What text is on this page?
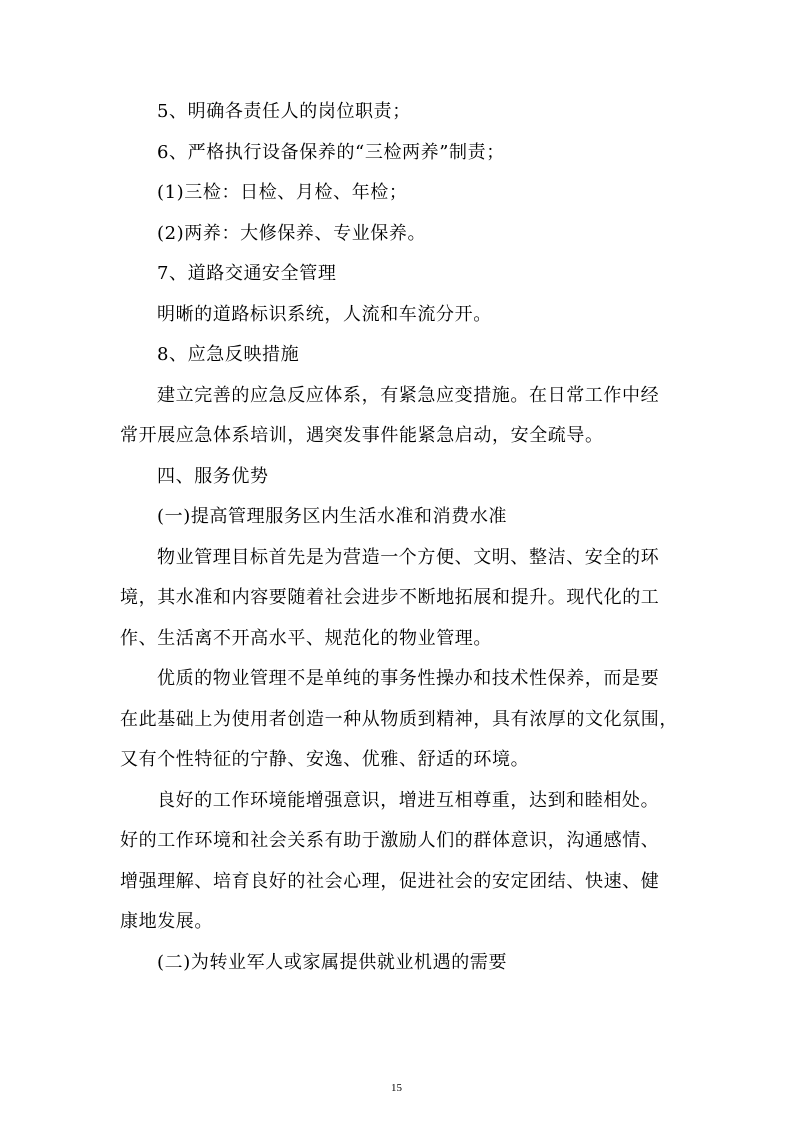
5、明确各责任人的岗位职责；

6、严格执行设备保养的“三检两养”制责；

(1)三检：日检、月检、年检；

(2)两养：大修保养、专业保养。

7、道路交通安全管理

明晰的道路标识系统，人流和车流分开。

8、应急反映措施

建立完善的应急反应体系，有紧急应变措施。在日常工作中经

常开展应急体系培训，遇突发事件能紧急启动，安全疏导。

四、服务优势

(一)提高管理服务区内生活水准和消费水准

物业管理目标首先是为营造一个方便、文明、整洁、安全的环

境，其水准和内容要随着社会进步不断地拓展和提升。现代化的工

作、生活离不开高水平、规范化的物业管理。

优质的物业管理不是单纯的事务性操办和技术性保养，而是要

在此基础上为使用者创造一种从物质到精神，具有浓厚的文化氛围，

又有个性特征的宁静、安逸、优雅、舒适的环境。

良好的工作环境能增强意识，增进互相尊重，达到和睦相处。

好的工作环境和社会关系有助于激励人们的群体意识，沟通感情、

增强理解、培育良好的社会心理，促进社会的安定团结、快速、健

康地发展。

(二)为转业军人或家属提供就业机遇的需要

15
